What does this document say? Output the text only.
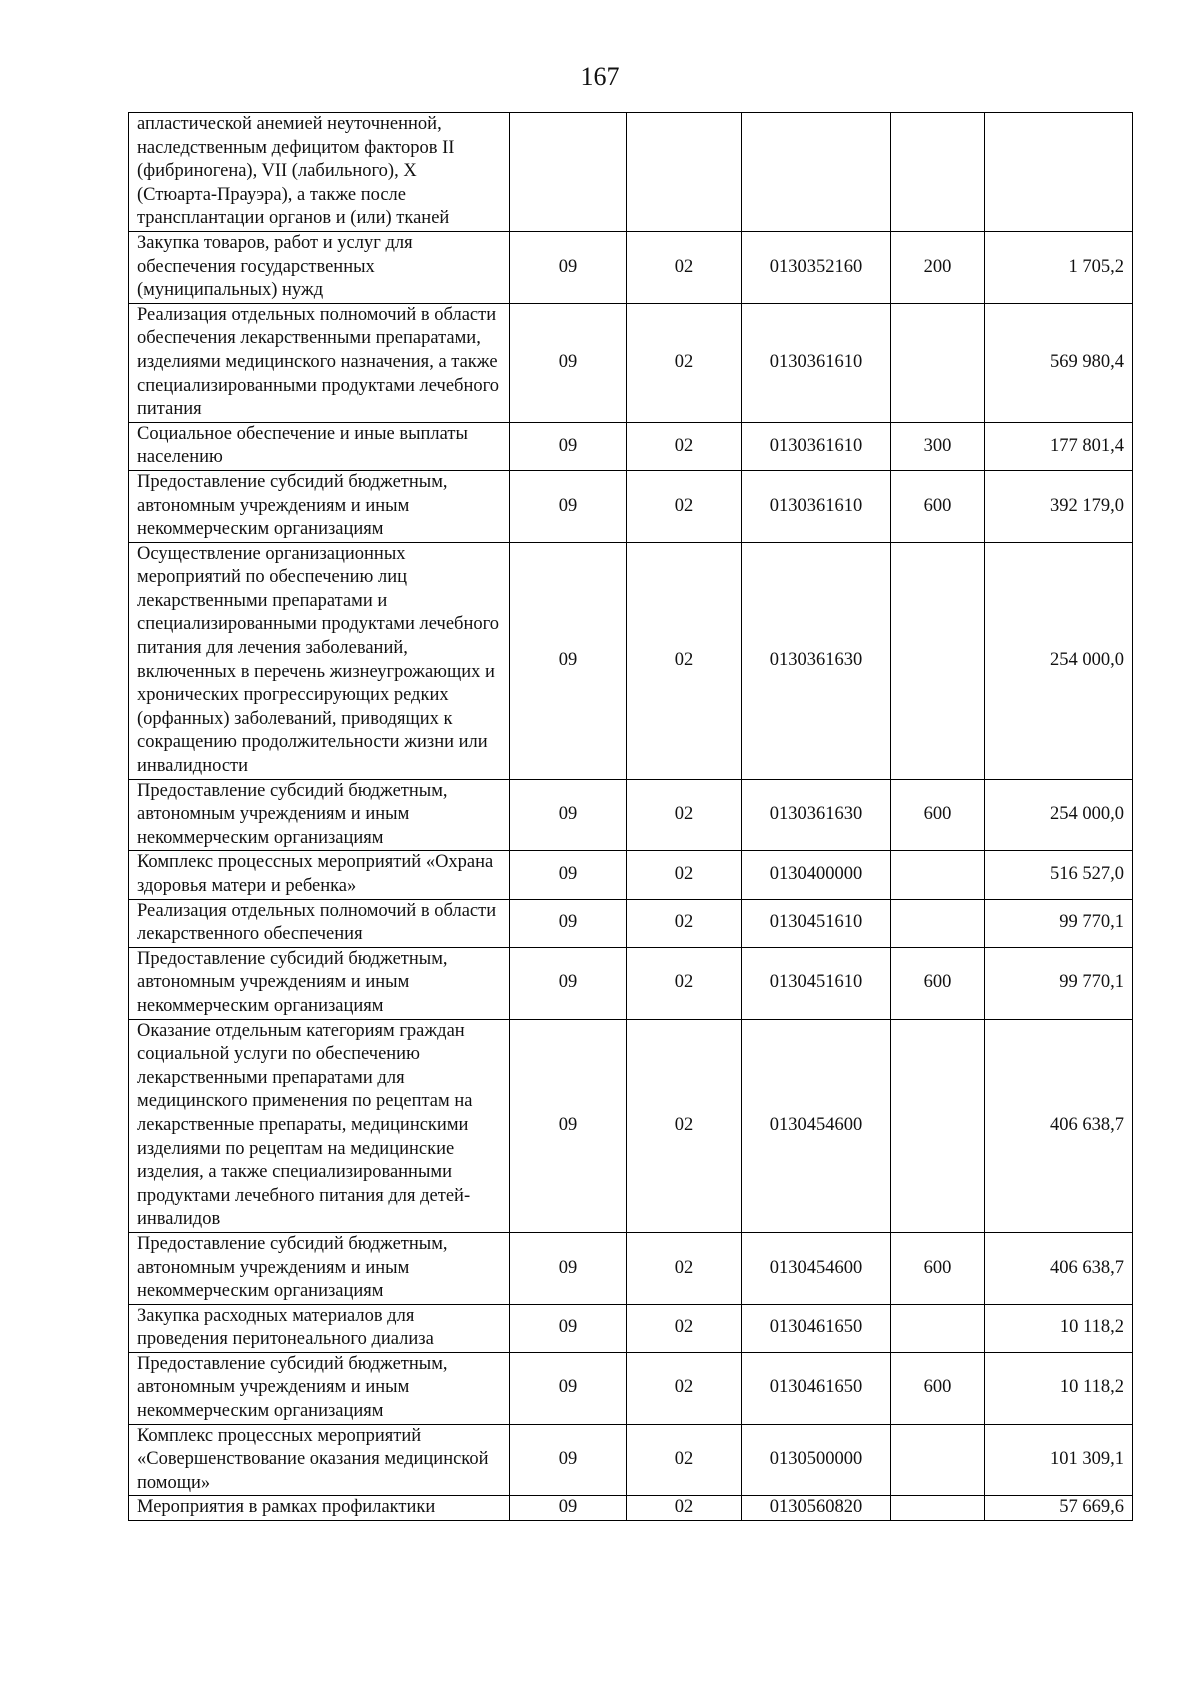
167
апластической анемией неуточненной, наследственным дефицитом факторов II (фибриногена), VII (лабильного), X (Стюарта-Прауэра), а также после трансплантации органов и (или) тканей					
Закупка товаров, работ и услуг для обеспечения государственных (муниципальных) нужд	09	02	0130352160	200	1 705,2
Реализация отдельных полномочий в области обеспечения лекарственными препаратами, изделиями медицинского назначения, а также специализированными продуктами лечебного питания	09	02	0130361610		569 980,4
Социальное обеспечение и иные выплаты населению	09	02	0130361610	300	177 801,4
Предоставление субсидий бюджетным, автономным учреждениям и иным некоммерческим организациям	09	02	0130361610	600	392 179,0
Осуществление организационных мероприятий по обеспечению лиц лекарственными препаратами и специализированными продуктами лечебного питания для лечения заболеваний, включенных в перечень жизнеугрожающих и хронических прогрессирующих редких (орфанных) заболеваний, приводящих к сокращению продолжительности жизни или инвалидности	09	02	0130361630		254 000,0
Предоставление субсидий бюджетным, автономным учреждениям и иным некоммерческим организациям	09	02	0130361630	600	254 000,0
Комплекс процессных мероприятий «Охрана здоровья матери и ребенка»	09	02	0130400000		516 527,0
Реализация отдельных полномочий в области лекарственного обеспечения	09	02	0130451610		99 770,1
Предоставление субсидий бюджетным, автономным учреждениям и иным некоммерческим организациям	09	02	0130451610	600	99 770,1
Оказание отдельным категориям граждан социальной услуги по обеспечению лекарственными препаратами для медицинского применения по рецептам на лекарственные препараты, медицинскими изделиями по рецептам на медицинские изделия, а также специализированными продуктами лечебного питания для детей-инвалидов	09	02	0130454600		406 638,7
Предоставление субсидий бюджетным, автономным учреждениям и иным некоммерческим организациям	09	02	0130454600	600	406 638,7
Закупка расходных материалов для проведения перитонеального диализа	09	02	0130461650		10 118,2
Предоставление субсидий бюджетным, автономным учреждениям и иным некоммерческим организациям	09	02	0130461650	600	10 118,2
Комплекс процессных мероприятий «Совершенствование оказания медицинской помощи»	09	02	0130500000		101 309,1
Мероприятия в рамках профилактики	09	02	0130560820		57 669,6
